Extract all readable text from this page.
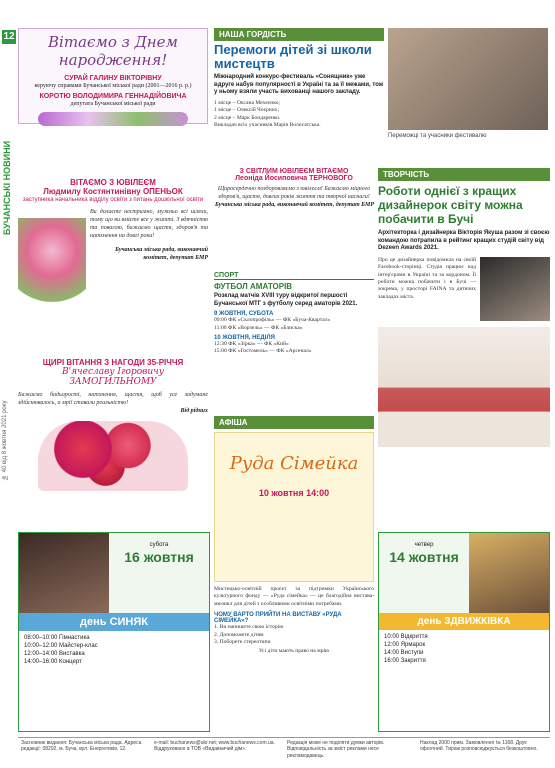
12
БУЧАНСЬКІ НОВИНИ
№ 40 від 8 жовтня 2021 року
Вітаємо з Днем народження!
СУРАЙ ГАЛИНУ ВІКТОРІВНУ
керуючу справами Бучанської міської ради (2001—2016 р. р.)
КОРОТЮ ВОЛОДИМИРА ГЕННАДІЙОВИЧА
депутата Бучанської міської ради
ВІТАЄМО З ЮВІЛЕЄМ
Людмилу Костянтинівну ОПЕНЬОК
заступника начальника відділу освіти з питань дошкільної освіти
Ви долаєте нестримно, мужньо всі шляхи, тому що ви вмієте все у житті. З вдячністю та повагою, бажаємо щастя, здоров'я та натхнення на довгі роки!
Бучанська міська рада, виконавчий комітет, депутат БМР
ЩИРІ ВІТАННЯ З НАГОДИ 35-РІЧЧЯ
В'ячеславу Ігоровичу ЗАМОГИЛЬНОМУ
Бажаємо бадьорості, натхнення, щастя, щоб усе задумане здійснювалось, а мрії ставали реальністю!
Від рідних
субота
16 жовтня
день СИНЯК
08:00–10:00 Гімнастика
10:00–12:00 Майстер-клас
12:00–14:00 Виставка
14:00–16:00 Концерт
З СВІТЛИМ ЮВІЛЕЄМ ВІТАЄМО
Леоніда Йосиповича ТЕРНОВОГО
Щиросердечно поздоровляємо з ювілеєм! Бажаємо міцного здоров'я, щастя, довгих років життя та творчої наснаги!
Бучанська міська рада, виконавчий комітет, депутат БМР
НАША ГОРДІСТЬ
Перемоги дітей зі школи мистецтв
Міжнародний конкурс-фестиваль «Сонящник» уже вдруге набув популярності в Україні та за її межами, тож у ньому взяли участь вихованці нашого закладу.
1 місце – Оксана Мехеєнко;
1 місце – Олексій Чоєрних;
2 місце – Марк Бондаренко.
Викладач всіх учасників Марія Волосатська.
Переможці та учасники фестивалю
ТВОРЧІСТЬ
Роботи однієї з кращих дизайнерок світу можна побачити в Бучі
Архітекторка і дизайнерка Вікторія Якуша разом зі своєю командою потрапила в рейтинг кращих студій світу від Dezeen Awards 2021.
Про це дизайнерка повідомила на своїй Facebook-сторінці. Студія працює над інтер'єрами в Україні та за кордоном. Її роботи можна побачити і в Бучі — зокрема, у просторі FAINA та дитячих закладах міста.
СПОРТ
ФУТБОЛ АМАТОРІВ
Розклад матчів XVIII туру відкритої першості Бучанської МТГ з футболу серед аматорів 2021.
9 ЖОВТНЯ, СУБОТА
09:00 ФК «Склопрофіль» — ФК «Буча-Квартал»
11:00 ФК «Ворзель» — ФК «Блиска»
10 ЖОВТНЯ, НЕДІЛЯ
12:30 ФК «Зірка» — ФК «Кий»
15:00 ФК «Гостомель» — ФК «Арсенал»
АФІША
Руда Сімейка
10 жовтня 14:00
Мистецько-освітній проєкт за підтримки Українського культурного фонду — «Руда сімейка» — це благодійна вистава-мюзикл для дітей з особливими освітніми потребами.
ЧОМУ ВАРТО ПРИЙТИ НА ВИСТАВУ «РУДА СІМЕЙКА»?
1. Ви напишете свою історію
2. Допоможете дітям
3. Поборете стереотипи
Усі діти мають право на мрію
четвер
14 жовтня
день ЗДВИЖКІВКА
10:00 Відкриття
12:00 Ярмарок
14:00 Виступи
16:00 Закриття
Засновник видання: Бучанська міська рада. Адреса редакції: 08292, м. Буча, вул. Енергетиків, 12.
e-mail: buchanews@ukr.net; www.buchanews.com.ua. Віддруковано в ТОВ «Видавничий дім».
Редакція може не поділяти думки авторів. Відповідальність за зміст реклами несе рекламодавець.
Наклад 2000 прим. Замовлення № 1168. Друк офсетний. Тираж розповсюджується безкоштовно.
